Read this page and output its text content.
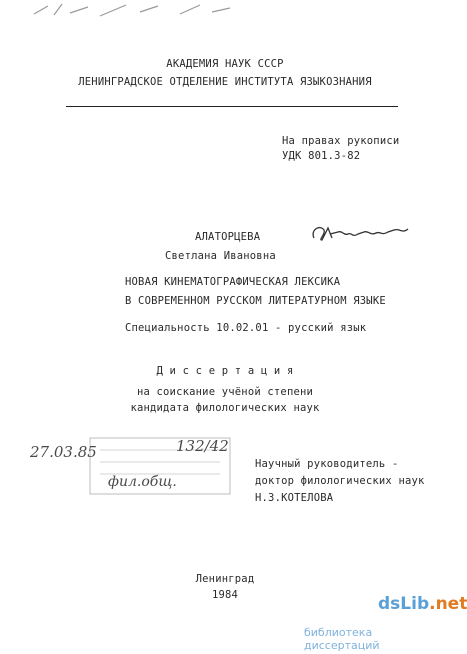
АКАДЕМИЯ НАУК СССР
ЛЕНИНГРАДСКОЕ ОТДЕЛЕНИЕ ИНСТИТУТА ЯЗЫКОЗНАНИЯ
На правах рукописи
УДК 801.3-82
АЛАТОРЦЕВА
Светлана Ивановна
НОВАЯ КИНЕМАТОГРАФИЧЕСКАЯ ЛЕКСИКА
В СОВРЕМЕННОМ РУССКОМ ЛИТЕРАТУРНОМ ЯЗЫКЕ
Специальность 10.02.01 - русский язык
Д и с с е р т а ц и я
на соискание учёной степени
кандидата филологических наук
27.03.85	132/42
фил.общ.
Научный руководитель -
доктор филологических наук
Н.З.КОТЕЛОВА
Ленинград
1984	dsLib.net
библиотека диссертаций
